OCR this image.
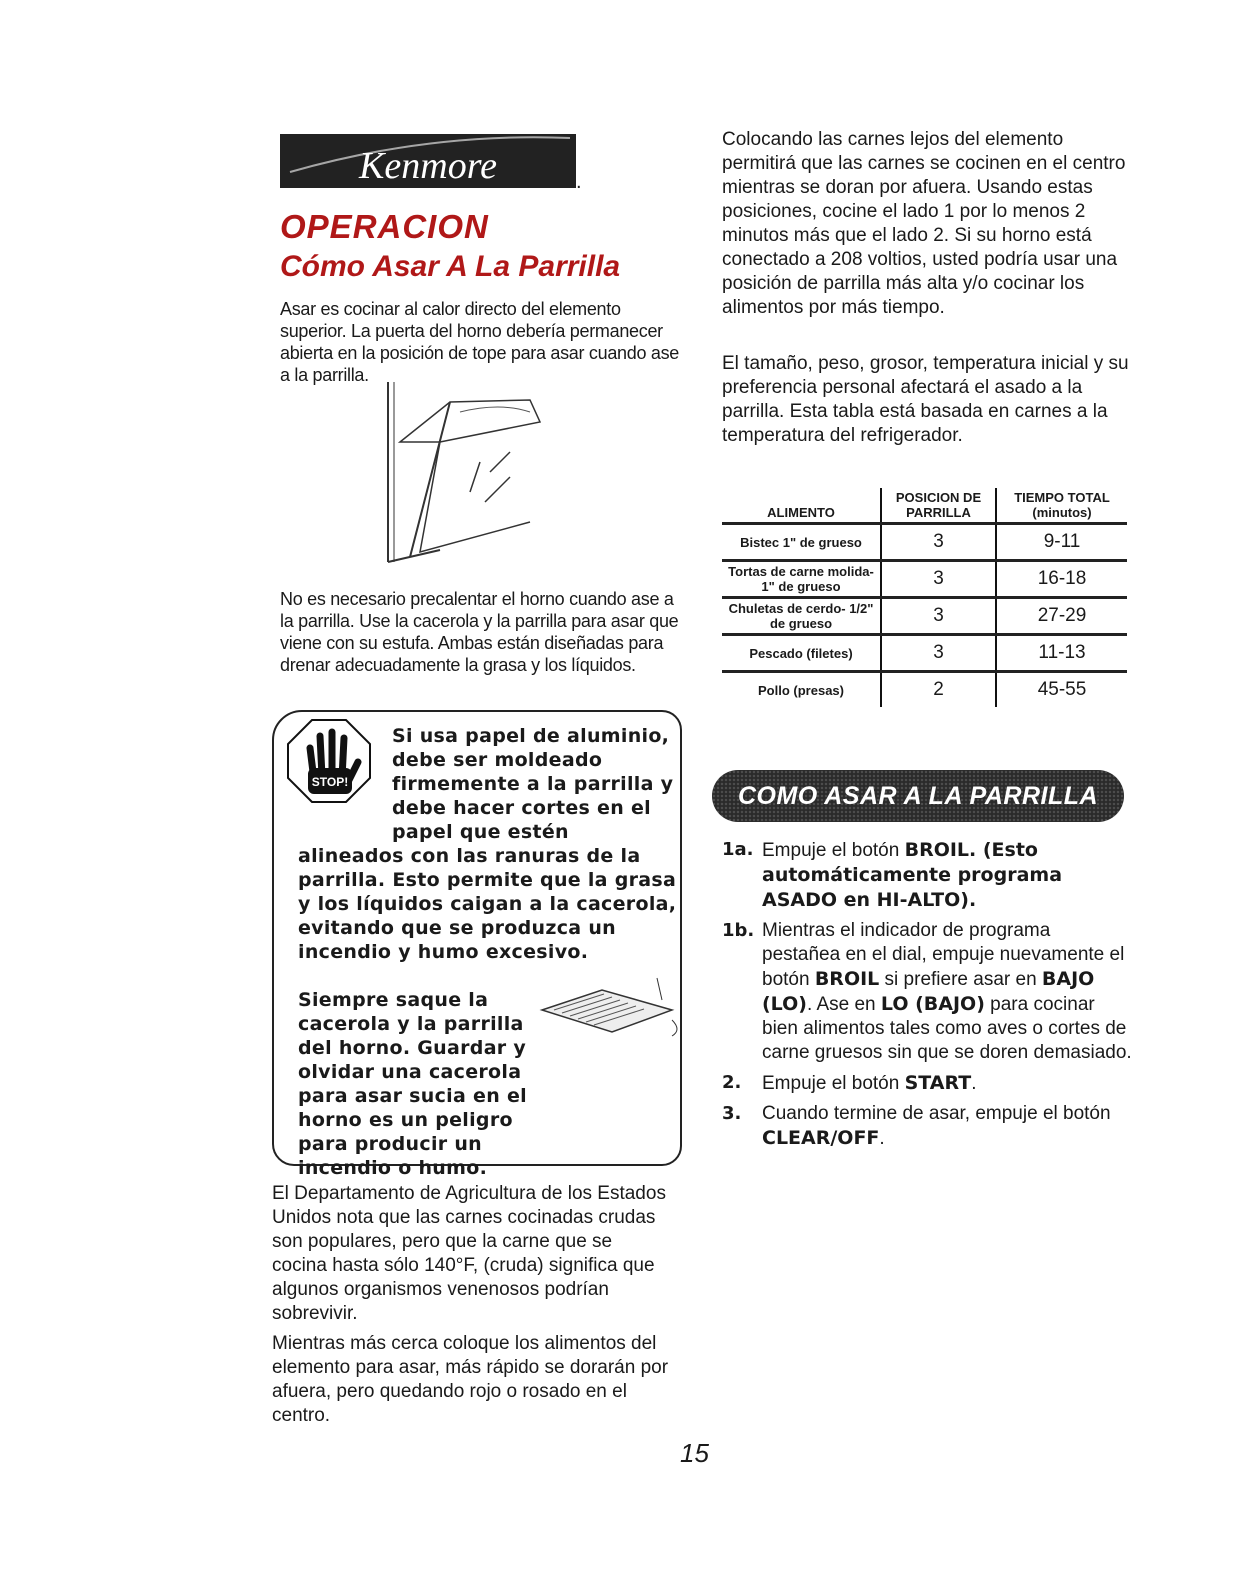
Kenmore	.
OPERACION
Cómo Asar A La Parrilla
Asar es cocinar al calor directo del elemento superior. La puerta del horno debería permanecer abierta en la posición de tope para asar cuando ase a la parrilla.
No es necesario precalentar el horno cuando ase a la parrilla. Use la cacerola y la parrilla para asar que viene con su estufa. Ambas están diseñadas para drenar adecuadamente la grasa y los líquidos.
STOP!
Si usa papel de aluminio, debe ser moldeado firmemente a la parrilla y debe hacer cortes en el papel que estén
alineados con las ranuras de la parrilla. Esto permite que la grasa y los líquidos caigan a la cacerola, evitando que se produzca un incendio y humo excesivo.
Siempre saque la cacerola y la parrilla del horno. Guardar y olvidar una cacerola para asar sucia en el horno es un peligro para producir un incendio o humo.
El Departamento de Agricultura de los Estados Unidos nota que las carnes cocinadas crudas son populares, pero que la carne que se cocina hasta sólo 140°F, (cruda) significa que algunos organismos venenosos podrían sobrevivir.
Mientras más cerca coloque los alimentos del elemento para asar, más rápido se dorarán por afuera, pero quedando rojo o rosado en el centro.
15
Colocando las carnes lejos del elemento permitirá que las carnes se cocinen en el centro mientras se doran por afuera. Usando estas posiciones, cocine el lado 1 por lo menos 2 minutos más que el lado 2. Si su horno está conectado a 208 voltios, usted podría usar una posición de parrilla más alta y/o cocinar los alimentos por más tiempo.
El tamaño, peso, grosor, temperatura inicial y su preferencia personal afectará el asado a la parrilla. Esta tabla está basada en carnes a la temperatura del refrigerador.
ALIMENTO	POSICION DE PARRILLA	TIEMPO TOTAL (minutos)
Bistec 1" de grueso	3	9-11
Tortas de carne molida-1" de grueso	3	16-18
Chuletas de cerdo- 1/2" de grueso	3	27-29
Pescado (filetes)	3	11-13
Pollo (presas)	2	45-55
COMO ASAR A LA PARRILLA
1a. Empuje el botón BROIL. (Esto automáticamente programa ASADO en HI-ALTO).
1b. Mientras el indicador de programa pestañea en el dial, empuje nuevamente el botón BROIL si prefiere asar en BAJO (LO). Ase en LO (BAJO) para cocinar bien alimentos tales como aves o cortes de carne gruesos sin que se doren demasiado.
2. Empuje el botón START.
3. Cuando termine de asar, empuje el botón CLEAR/OFF.
